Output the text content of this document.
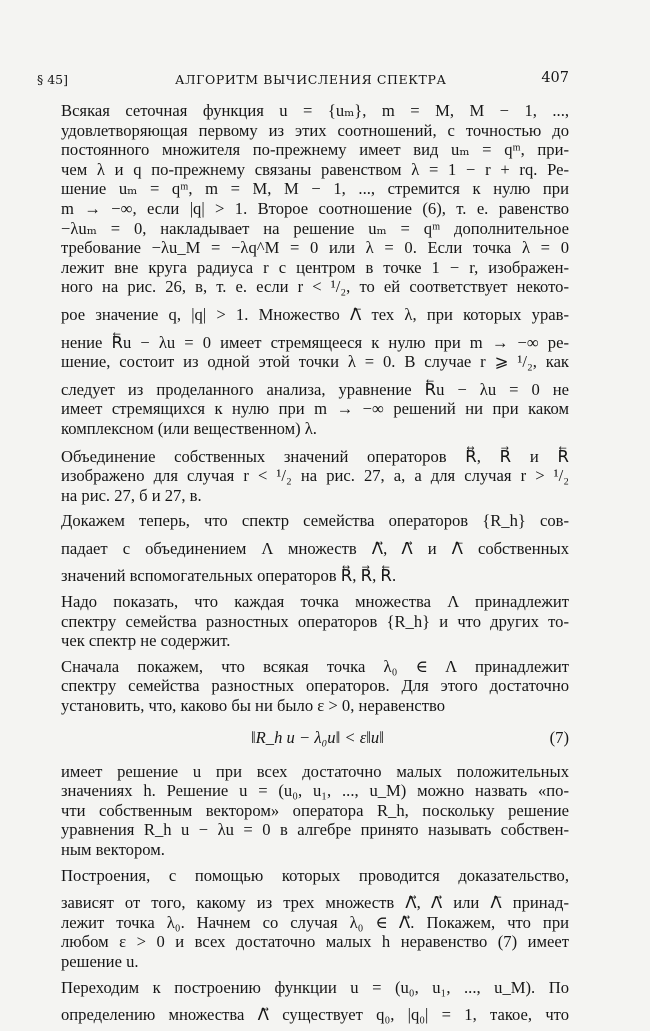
§ 45]	АЛГОРИТМ ВЫЧИСЛЕНИЯ СПЕКТРА	407
Всякая сеточная функция u = {uₘ}, m = M, M − 1, ...,
удовлетворяющая первому из этих соотношений, с точностью до
постоянного множителя по-прежнему имеет вид uₘ = qᵐ, при-
чем λ и q по-прежнему связаны равенством λ = 1 − r + rq. Ре-
шение uₘ = qᵐ, m = M, M − 1, ..., стремится к нулю при
m → −∞, если |q| > 1. Второе соотношение (6), т. е. равенство
−λuₘ = 0, накладывает на решение uₘ = qᵐ дополнительное
требование −λu_M = −λq^M = 0 или λ = 0. Если точка λ = 0
лежит вне круга радиуса r с центром в точке 1 − r, изображен-
ного на рис. 26, в, т. е. если r < ¹/₂, то ей соответствует некото-
рое значение q, |q| > 1. Множество Λ⃖ тех λ, при которых урав-
нение R⃖u − λu = 0 имеет стремящееся к нулю при m → −∞ ре-
шение, состоит из одной этой точки λ = 0. В случае r ⩾ ¹/₂, как
следует из проделанного анализа, уравнение R⃖u − λu = 0 не
имеет стремящихся к нулю при m → −∞ решений ни при каком
комплексном (или вещественном) λ.
Объединение собственных значений операторов R⃡, R⃗ и R⃖
изображено для случая r < ¹/₂ на рис. 27, а, а для случая r > ¹/₂
на рис. 27, б и 27, в.
Докажем теперь, что спектр семейства операторов {R_h} сов-
падает с объединением Λ множеств Λ⃡, Λ⃗ и Λ⃖ собственных
значений вспомогательных операторов R⃡, R⃗, R⃖.
Надо показать, что каждая точка множества Λ принадлежит
спектру семейства разностных операторов {R_h} и что других то-
чек спектр не содержит.
Сначала покажем, что всякая точка λ₀ ∈ Λ принадлежит
спектру семейства разностных операторов. Для этого достаточно
установить, что, каково бы ни было ε > 0, неравенство
‖R_h u − λ₀u‖ < ε‖u‖	(7)
имеет решение u при всех достаточно малых положительных
значениях h. Решение u = (u₀, u₁, ..., u_M) можно назвать «по-
чти собственным вектором» оператора R_h, поскольку решение
уравнения R_h u − λu = 0 в алгебре принято называть собствен-
ным вектором.
Построения, с помощью которых проводится доказательство,
зависят от того, какому из трех множеств Λ⃡, Λ⃗ или Λ⃖ принад-
лежит точка λ₀. Начнем со случая λ₀ ∈ Λ⃡. Покажем, что при
любом ε > 0 и всех достаточно малых h неравенство (7) имеет
решение u.
Переходим к построению функции u = (u₀, u₁, ..., u_M). По
определению множества Λ⃡ существует q₀, |q₀| = 1, такое, что
